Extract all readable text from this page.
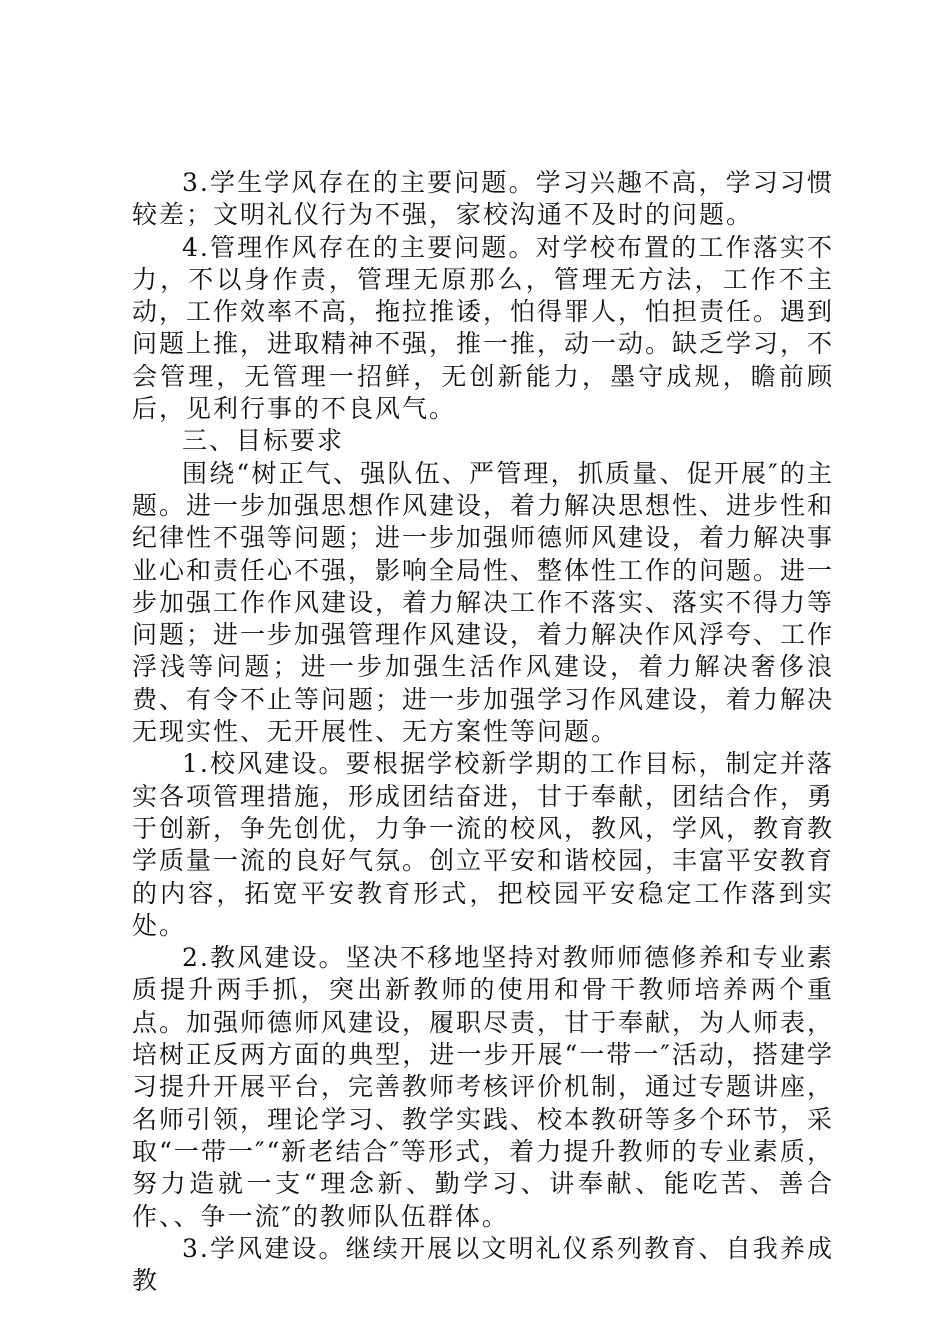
3.学生学风存在的主要问题。学习兴趣不高，学习习惯较差；文明礼仪行为不强，家校沟通不及时的问题。

4.管理作风存在的主要问题。对学校布置的工作落实不力，不以身作责，管理无原那么，管理无方法，工作不主动，工作效率不高，拖拉推诿，怕得罪人，怕担责任。遇到问题上推，进取精神不强，推一推，动一动。缺乏学习，不会管理，无管理一招鲜，无创新能力，墨守成规，瞻前顾后，见利行事的不良风气。

三、目标要求

围绕“树正气、强队伍、严管理，抓质量、促开展″的主题。进一步加强思想作风建设，着力解决思想性、进步性和纪律性不强等问题；进一步加强师德师风建设，着力解决事业心和责任心不强，影响全局性、整体性工作的问题。进一步加强工作作风建设，着力解决工作不落实、落实不得力等问题；进一步加强管理作风建设，着力解决作风浮夸、工作浮浅等问题；进一步加强生活作风建设，着力解决奢侈浪费、有令不止等问题；进一步加强学习作风建设，着力解决无现实性、无开展性、无方案性等问题。

1.校风建设。要根据学校新学期的工作目标，制定并落实各项管理措施，形成团结奋进，甘于奉献，团结合作，勇于创新，争先创优，力争一流的校风，教风，学风，教育教学质量一流的良好气氛。创立平安和谐校园，丰富平安教育的内容，拓宽平安教育形式，把校园平安稳定工作落到实处。

2.教风建设。坚决不移地坚持对教师师德修养和专业素质提升两手抓，突出新教师的使用和骨干教师培养两个重点。加强师德师风建设，履职尽责，甘于奉献，为人师表，培树正反两方面的典型，进一步开展“一带一″活动，搭建学习提升开展平台，完善教师考核评价机制，通过专题讲座，名师引领，理论学习、教学实践、校本教研等多个环节，采取“一带一″“新老结合″等形式，着力提升教师的专业素质，努力造就一支“理念新、勤学习、讲奉献、能吃苦、善合作、、争一流″的教师队伍群体。

3.学风建设。继续开展以文明礼仪系列教育、自我养成教
